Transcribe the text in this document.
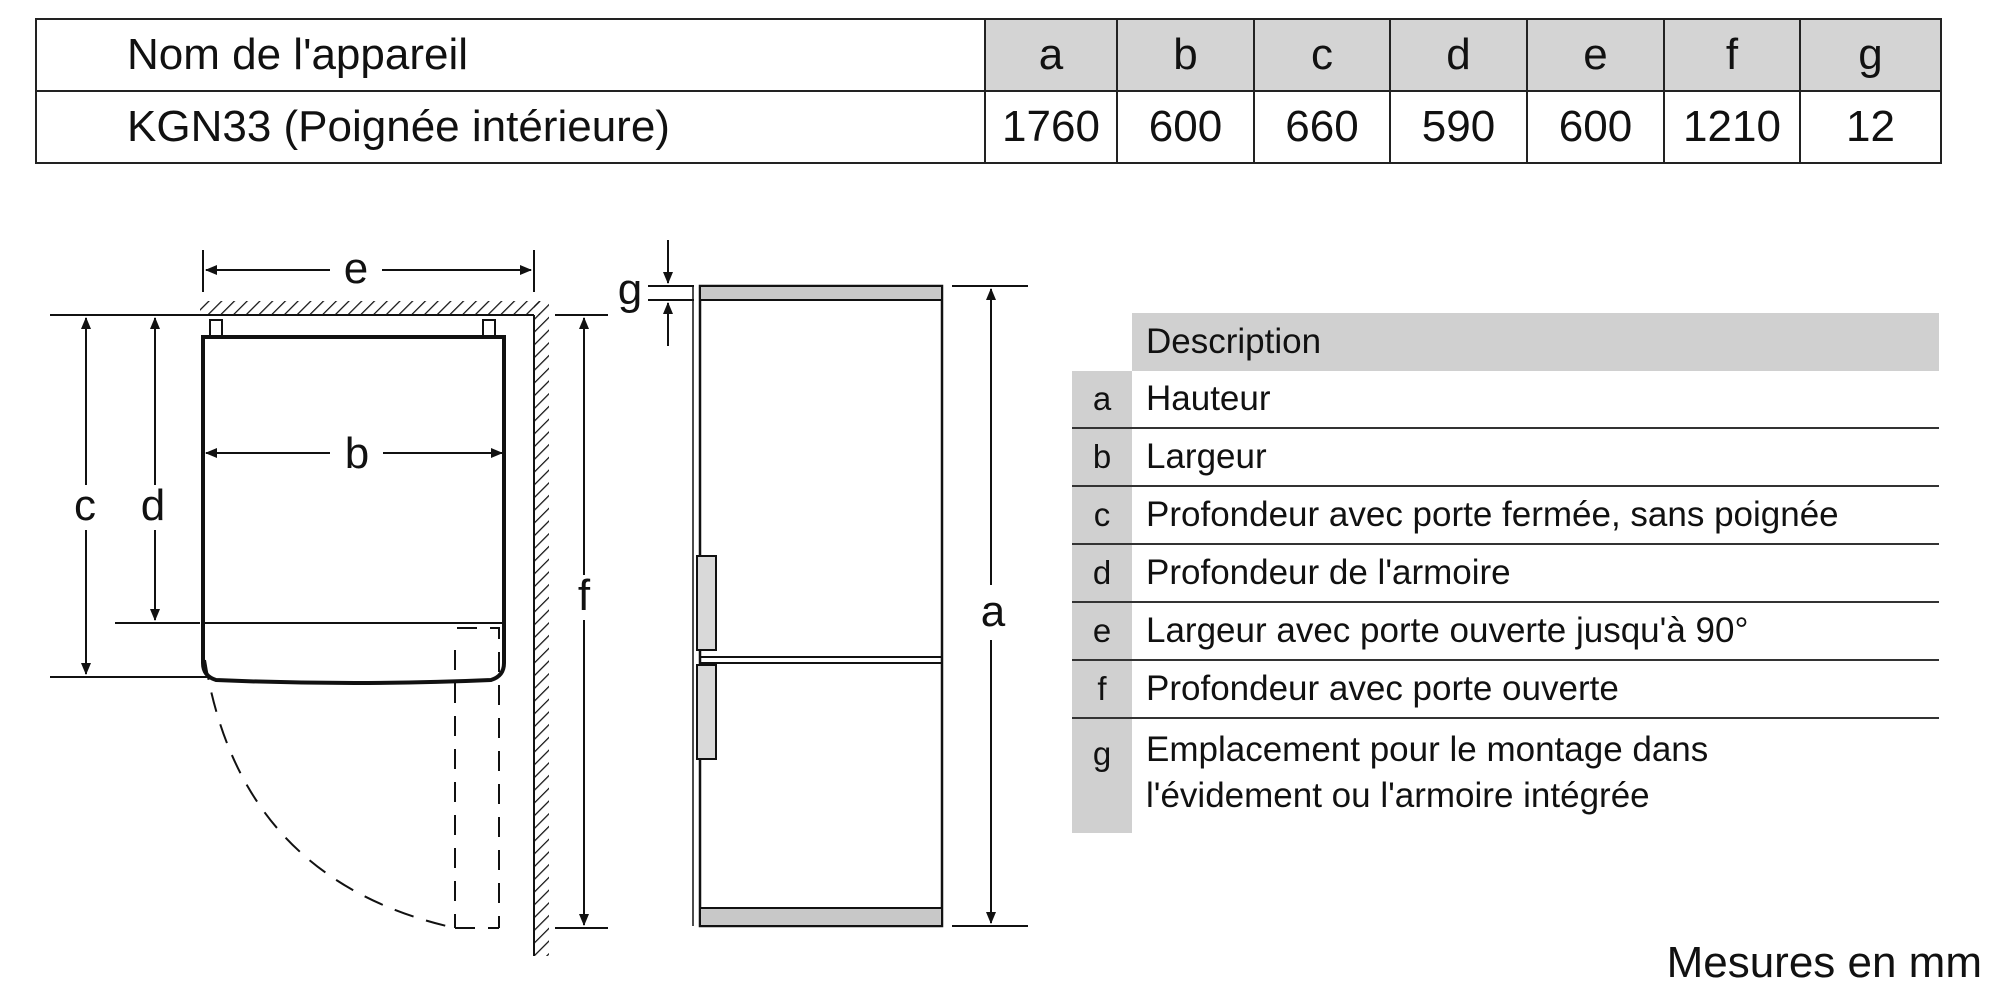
Nom de l'appareil	a	b	c	d	e	f	g
KGN33 (Poignée intérieure)	1760	600	660	590	600	1210	12
e
b
c d
f
g
a
Description
a Hauteur
b Largeur
c	Profondeur avec porte fermée, sans poignée
d Profondeur de l'armoire
e Largeur avec porte ouverte jusqu'à 90°
f	Profondeur avec porte ouverte
g Emplacement pour le montage dans
l'évidement ou l'armoire intégrée
Mesures en mm
